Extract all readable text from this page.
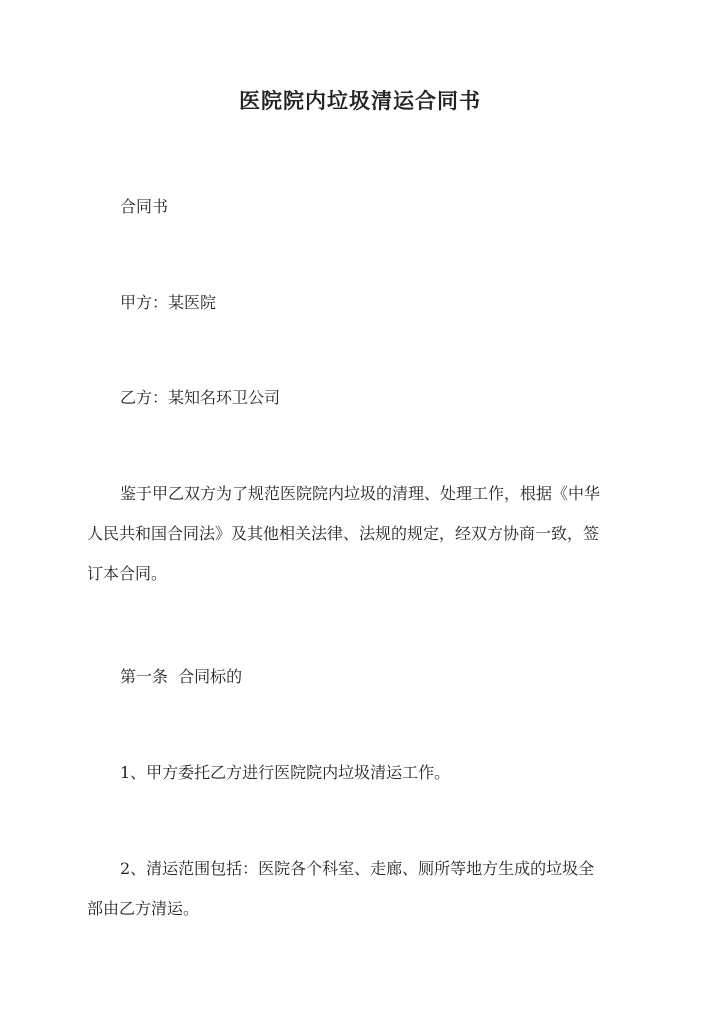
医院院内垃圾清运合同书
合同书
甲方：某医院
乙方：某知名环卫公司
鉴于甲乙双方为了规范医院院内垃圾的清理、处理工作，根据《中华
人民共和国合同法》及其他相关法律、法规的规定，经双方协商一致，签
订本合同。
第一条  合同标的
1、甲方委托乙方进行医院院内垃圾清运工作。
2、清运范围包括：医院各个科室、走廊、厕所等地方生成的垃圾全
部由乙方清运。
